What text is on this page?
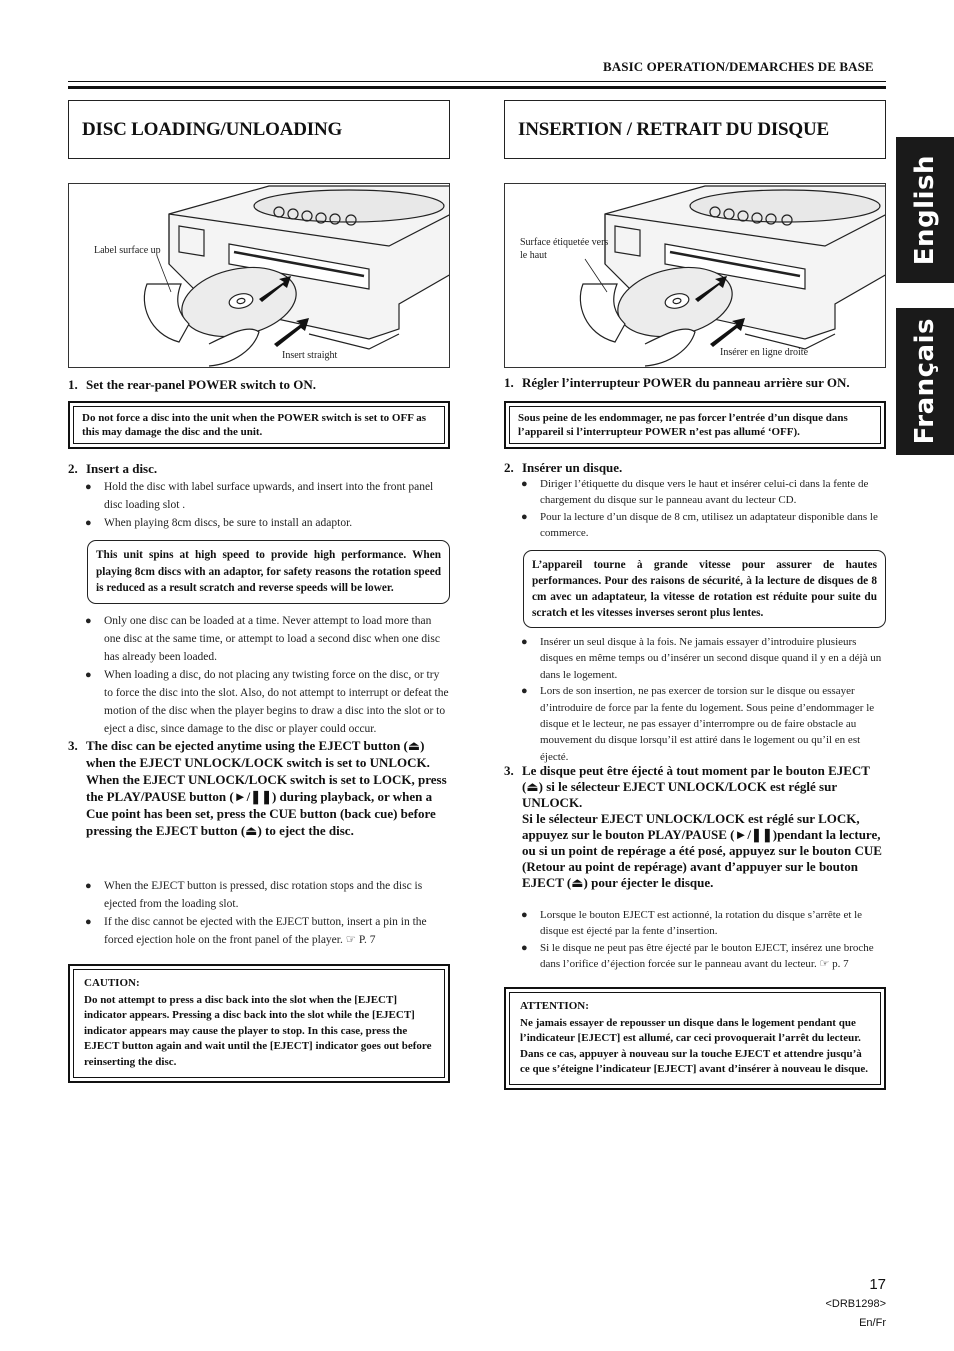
BASIC OPERATION/DEMARCHES DE BASE
English
Français
DISC LOADING/UNLOADING
Label surface up
Insert straight
1. Set the rear-panel POWER switch to ON.
Do not force a disc into the unit when the POWER switch is set to OFF as this may damage the disc and the unit.
2. Insert a disc.
● Hold the disc with label surface upwards, and insert into the front panel disc loading slot .
● When playing 8cm discs, be sure to install an adaptor.
This unit spins at high speed to provide high performance. When playing 8cm discs with an adaptor, for safety reasons the rotation speed is reduced as a result scratch and reverse speeds will be lower.
● Only one disc can be loaded at a time. Never attempt to load more than one disc at the same time, or attempt to load a second disc when one disc has already been loaded.
● When loading a disc, do not placing any twisting force on the disc, or try to force the disc into the slot. Also, do not attempt to interrupt or defeat the motion of the disc when the player begins to draw a disc into the slot or to eject a disc, since damage to the disc or player could occur.
3. The disc can be ejected anytime using the EJECT button (⏏) when the EJECT UNLOCK/LOCK switch is set to UNLOCK.
When the EJECT UNLOCK/LOCK switch is set to LOCK, press the PLAY/PAUSE button (►/❚❚) during playback, or when a Cue point has been set, press the CUE button (back cue) before pressing the EJECT button (⏏) to eject the disc.
● When the EJECT button is pressed, disc rotation stops and the disc is ejected from the loading slot.
● If the disc cannot be ejected with the EJECT button, insert a pin in the forced ejection hole on the front panel of the player. ☞ P. 7
CAUTION:
Do not attempt to press a disc back into the slot when the [EJECT] indicator appears. Pressing a disc back into the slot while the [EJECT] indicator appears may cause the player to stop. In this case, press the EJECT button again and wait until the [EJECT] indicator goes out before reinserting the disc.
INSERTION / RETRAIT DU DISQUE
Surface étiquetée vers le haut
Insérer en ligne droite
1. Régler l’interrupteur POWER du panneau arrière sur ON.
Sous peine de les endommager, ne pas forcer l’entrée d’un disque dans l’appareil si l’interrupteur POWER n’est pas allumé ‘OFF).
2. Insérer un disque.
● Diriger l’étiquette du disque vers le haut et insérer celui-ci dans la fente de chargement du disque sur le panneau avant du lecteur CD.
● Pour la lecture d’un disque de 8 cm, utilisez un adaptateur disponible dans le commerce.
L’appareil tourne à grande vitesse pour assurer de hautes performances. Pour des raisons de sécurité, à la lecture de disques de 8 cm avec un adaptateur, la vitesse de rotation est réduite pour suite du scratch et les vitesses inverses seront plus lentes.
● Insérer un seul disque à la fois. Ne jamais essayer d’introduire plusieurs disques en même temps ou d’insérer un second disque quand il y en a déjà un dans le logement.
● Lors de son insertion, ne pas exercer de torsion sur le disque ou essayer d’introduire de force par la fente du logement. Sous peine d’endommager le disque et le lecteur, ne pas essayer d’interrompre ou de faire obstacle au mouvement du disque lorsqu’il est attiré dans le logement ou qu’il en est éjecté.
3. Le disque peut être éjecté à tout moment par le bouton EJECT (⏏) si le sélecteur EJECT UNLOCK/LOCK est réglé sur UNLOCK.
Si le sélecteur EJECT UNLOCK/LOCK est réglé sur LOCK, appuyez sur le bouton PLAY/PAUSE (►/❚❚)pendant la lecture, ou si un point de repérage a été posé, appuyez sur le bouton CUE (Retour au point de repérage) avant d’appuyer sur le bouton EJECT (⏏) pour éjecter le disque.
● Lorsque le bouton EJECT est actionné, la rotation du disque s’arrête et le disque est éjecté par la fente d’insertion.
● Si le disque ne peut pas être éjecté par le bouton EJECT, insérez une broche dans l’orifice d’éjection forcée sur le panneau avant du lecteur. ☞ p. 7
ATTENTION:
Ne jamais essayer de repousser un disque dans le logement pendant que l’indicateur [EJECT] est allumé, car ceci provoquerait l’arrêt du lecteur. Dans ce cas, appuyer à nouveau sur la touche EJECT et attendre jusqu’à ce que s’éteigne l’indicateur [EJECT] avant d’insérer à nouveau le disque.
17
<DRB1298>
En/Fr
